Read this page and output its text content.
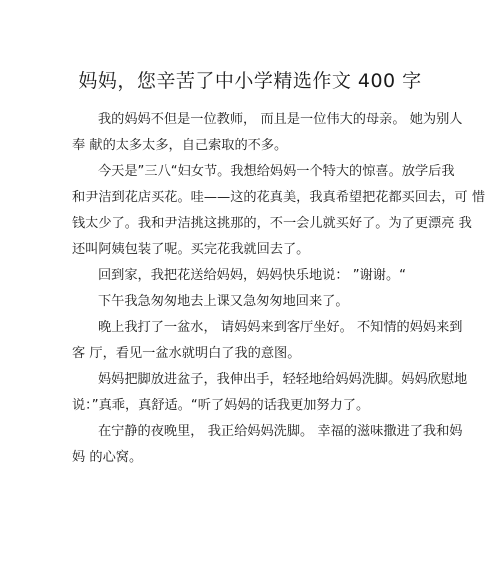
妈妈，您辛苦了中小学精选作文 400 字
我的妈妈不但是一位教师， 而且是一位伟大的母亲。 她为别人
奉 献的太多太多，自己索取的不多。
今天是”三八“妇女节。我想给妈妈一个特大的惊喜。放学后我
和尹洁到花店买花。哇——这的花真美，我真希望把花都买回去，可 惜
钱太少了。我和尹洁挑这挑那的，不一会儿就买好了。为了更漂亮 我
还叫阿姨包装了呢。买完花我就回去了。
回到家，我把花送给妈妈，妈妈快乐地说： ”谢谢。“
下午我急匆匆地去上课又急匆匆地回来了。
晚上我打了一盆水， 请妈妈来到客厅坐好。 不知情的妈妈来到
客 厅，看见一盆水就明白了我的意图。
妈妈把脚放进盆子，我伸出手，轻轻地给妈妈洗脚。妈妈欣慰地
说：”真乖，真舒适。“听了妈妈的话我更加努力了。
在宁静的夜晚里， 我正给妈妈洗脚。 幸福的滋味撒进了我和妈
妈 的心窝。
